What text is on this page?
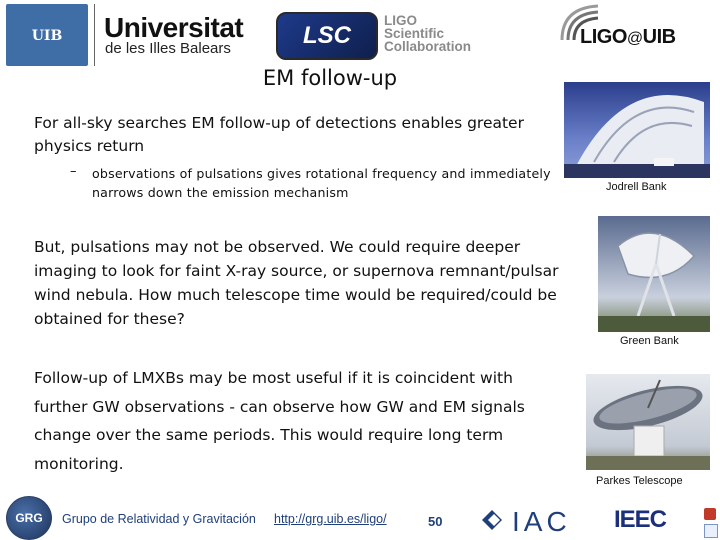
UIB	Universitat
de les Illes Balears	LSC
LIGO
Scientific
Collaboration	LIGO@UIB
EM follow-up
For all-sky searches EM follow-up of detections enables greater physics return
– observations of pulsations gives rotational frequency and immediately narrows down the emission mechanism
But, pulsations may not be observed. We could require deeper imaging to look for faint X-ray source, or supernova remnant/pulsar wind nebula. How much telescope time would be required/could be obtained for these?
Follow-up of LMXBs may be most useful if it is coincident with further GW observations - can observe how GW and EM signals change over the same periods. This would require long term monitoring.
Jodrell Bank
Green Bank
Parkes Telescope
GRG	Grupo de Relatividad y Gravitación http://grg.uib.es/ligo/	50 IAC IEEC
